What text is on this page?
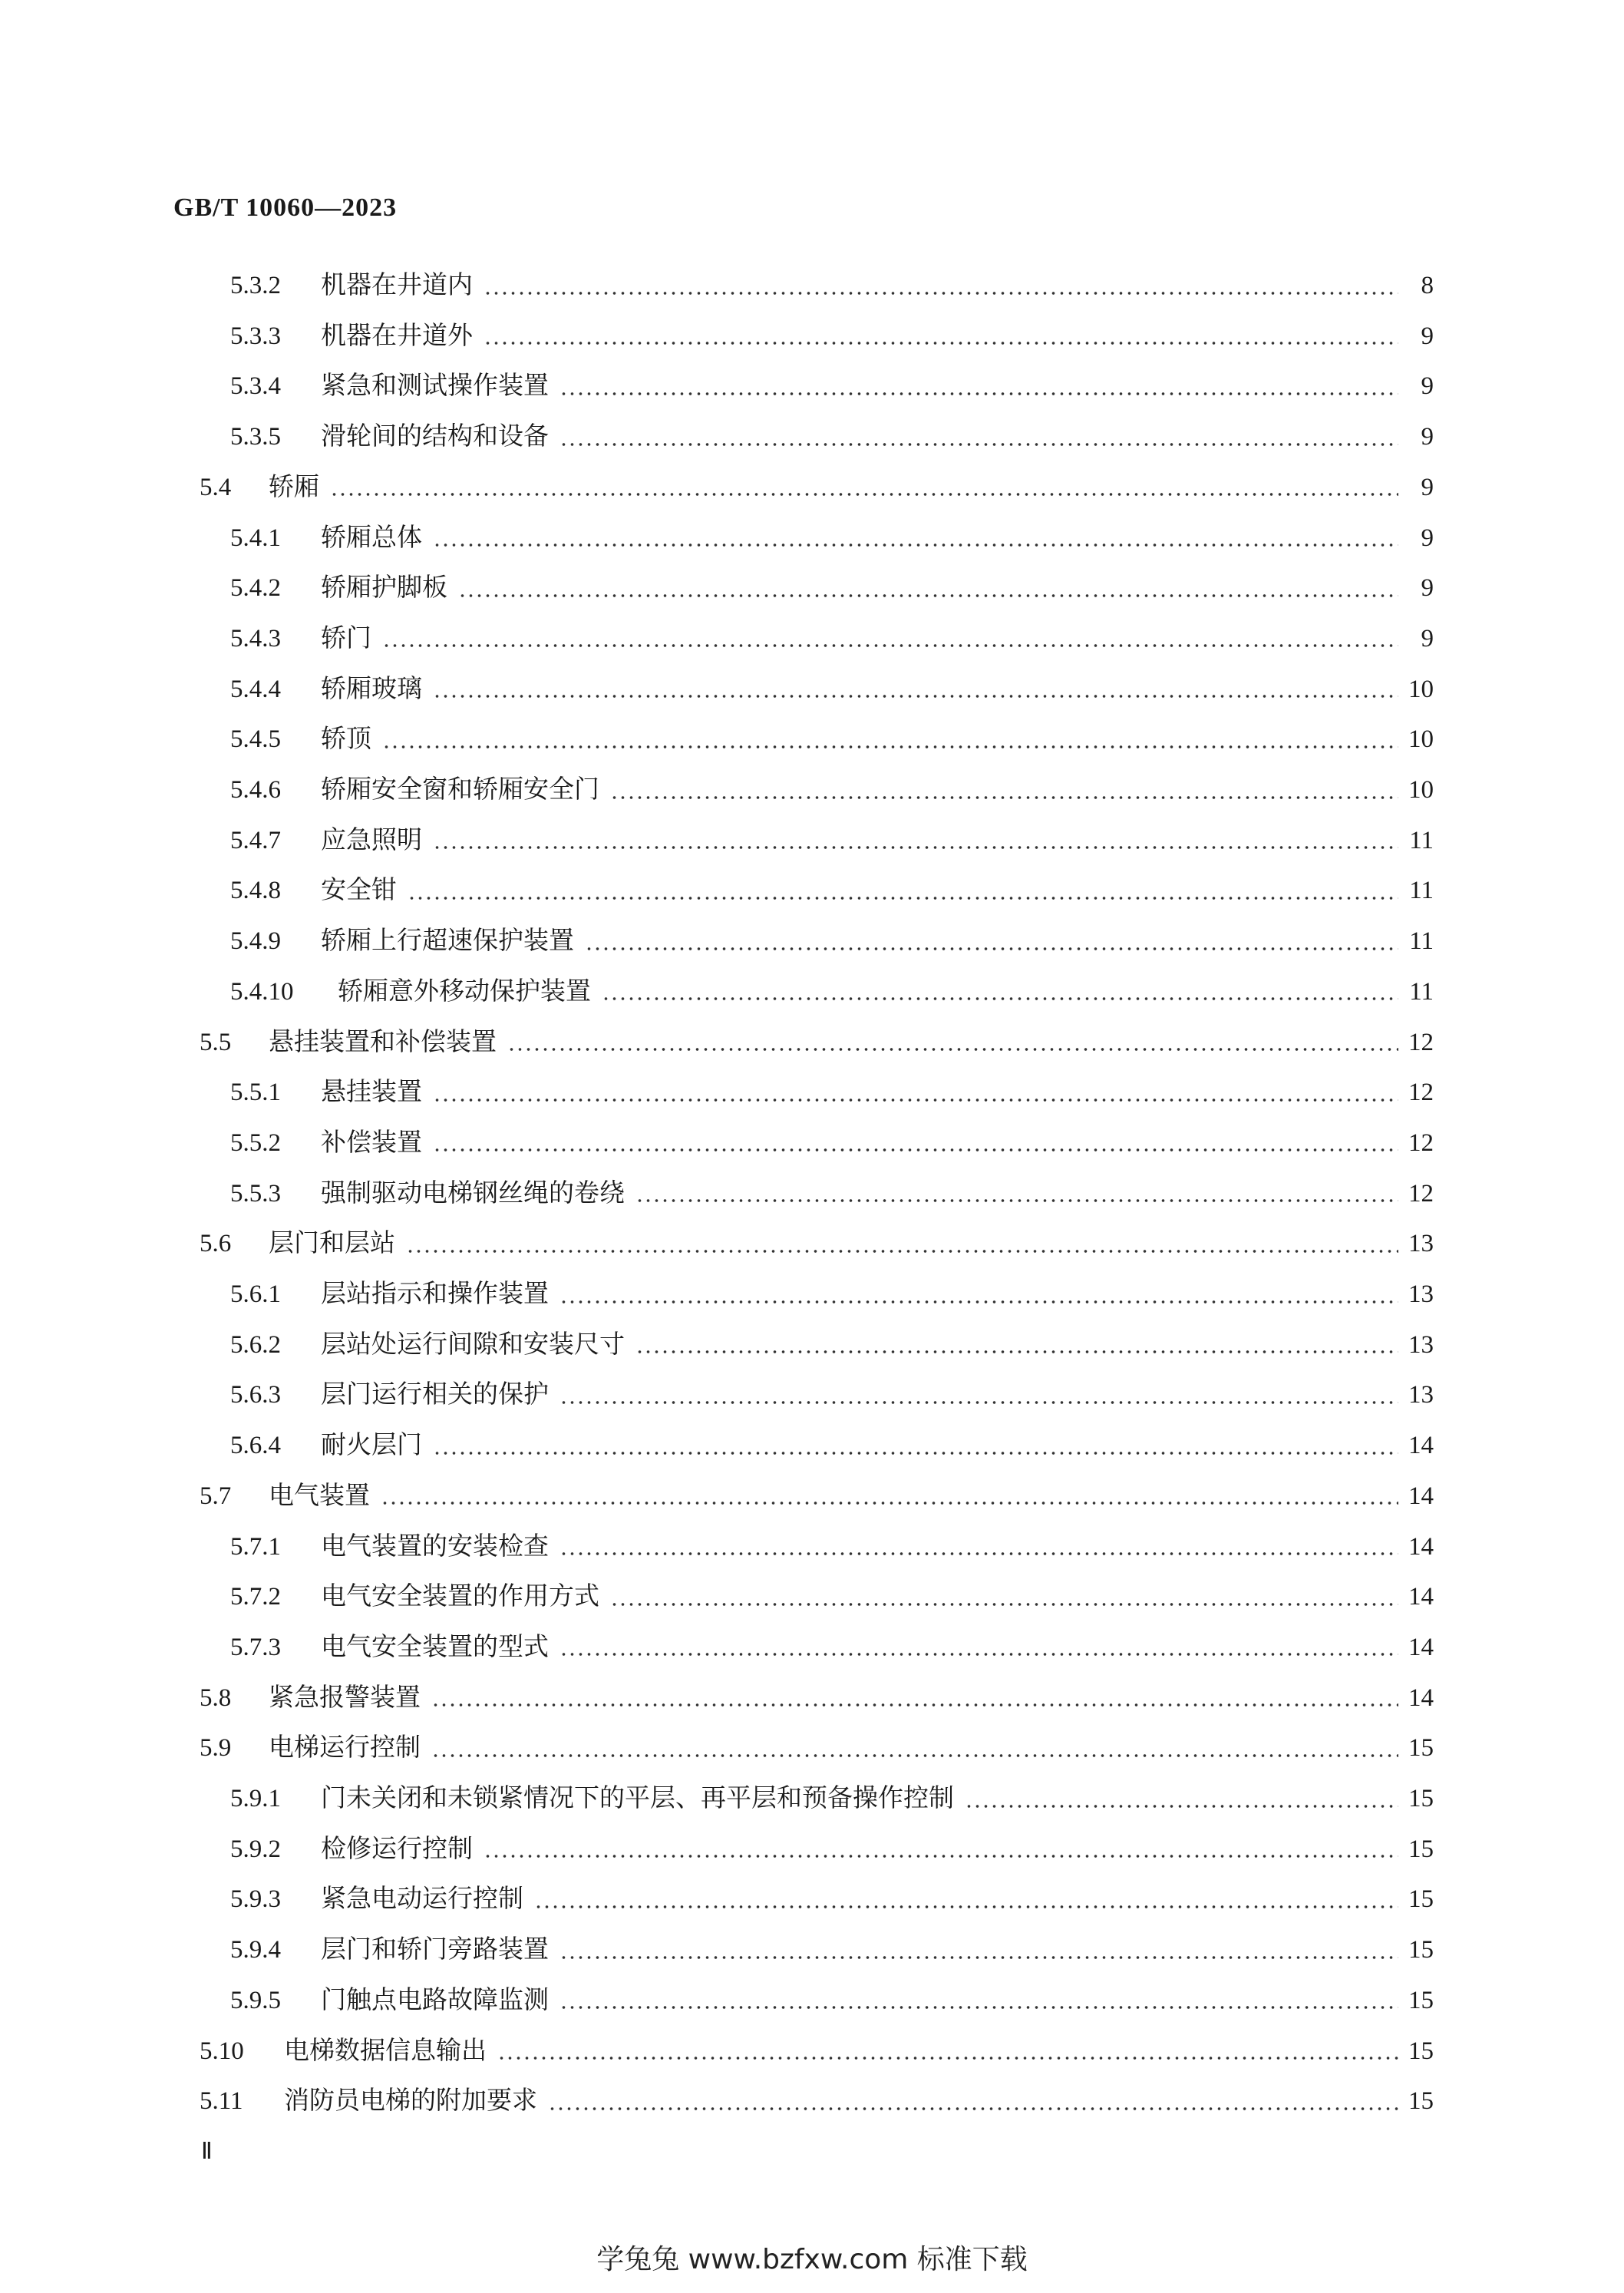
GB/T 10060—2023
5.3.2	机器在井道内	8
5.3.3	机器在井道外	9
5.3.4	紧急和测试操作装置	9
5.3.5	滑轮间的结构和设备	9
5.4	轿厢	9
5.4.1	轿厢总体	9
5.4.2	轿厢护脚板	9
5.4.3	轿门	9
5.4.4	轿厢玻璃	10
5.4.5	轿顶	10
5.4.6	轿厢安全窗和轿厢安全门	10
5.4.7	应急照明	11
5.4.8	安全钳	11
5.4.9	轿厢上行超速保护装置	11
5.4.10	轿厢意外移动保护装置	11
5.5	悬挂装置和补偿装置	12
5.5.1	悬挂装置	12
5.5.2	补偿装置	12
5.5.3	强制驱动电梯钢丝绳的卷绕	12
5.6	层门和层站	13
5.6.1	层站指示和操作装置	13
5.6.2	层站处运行间隙和安装尺寸	13
5.6.3	层门运行相关的保护	13
5.6.4	耐火层门	14
5.7	电气装置	14
5.7.1	电气装置的安装检查	14
5.7.2	电气安全装置的作用方式	14
5.7.3	电气安全装置的型式	14
5.8	紧急报警装置	14
5.9	电梯运行控制	15
5.9.1	门未关闭和未锁紧情况下的平层、再平层和预备操作控制	15
5.9.2	检修运行控制	15
5.9.3	紧急电动运行控制	15
5.9.4	层门和轿门旁路装置	15
5.9.5	门触点电路故障监测	15
5.10	电梯数据信息输出	15
5.11	消防员电梯的附加要求	15
Ⅱ
学兔兔 www.bzfxw.com 标准下载
